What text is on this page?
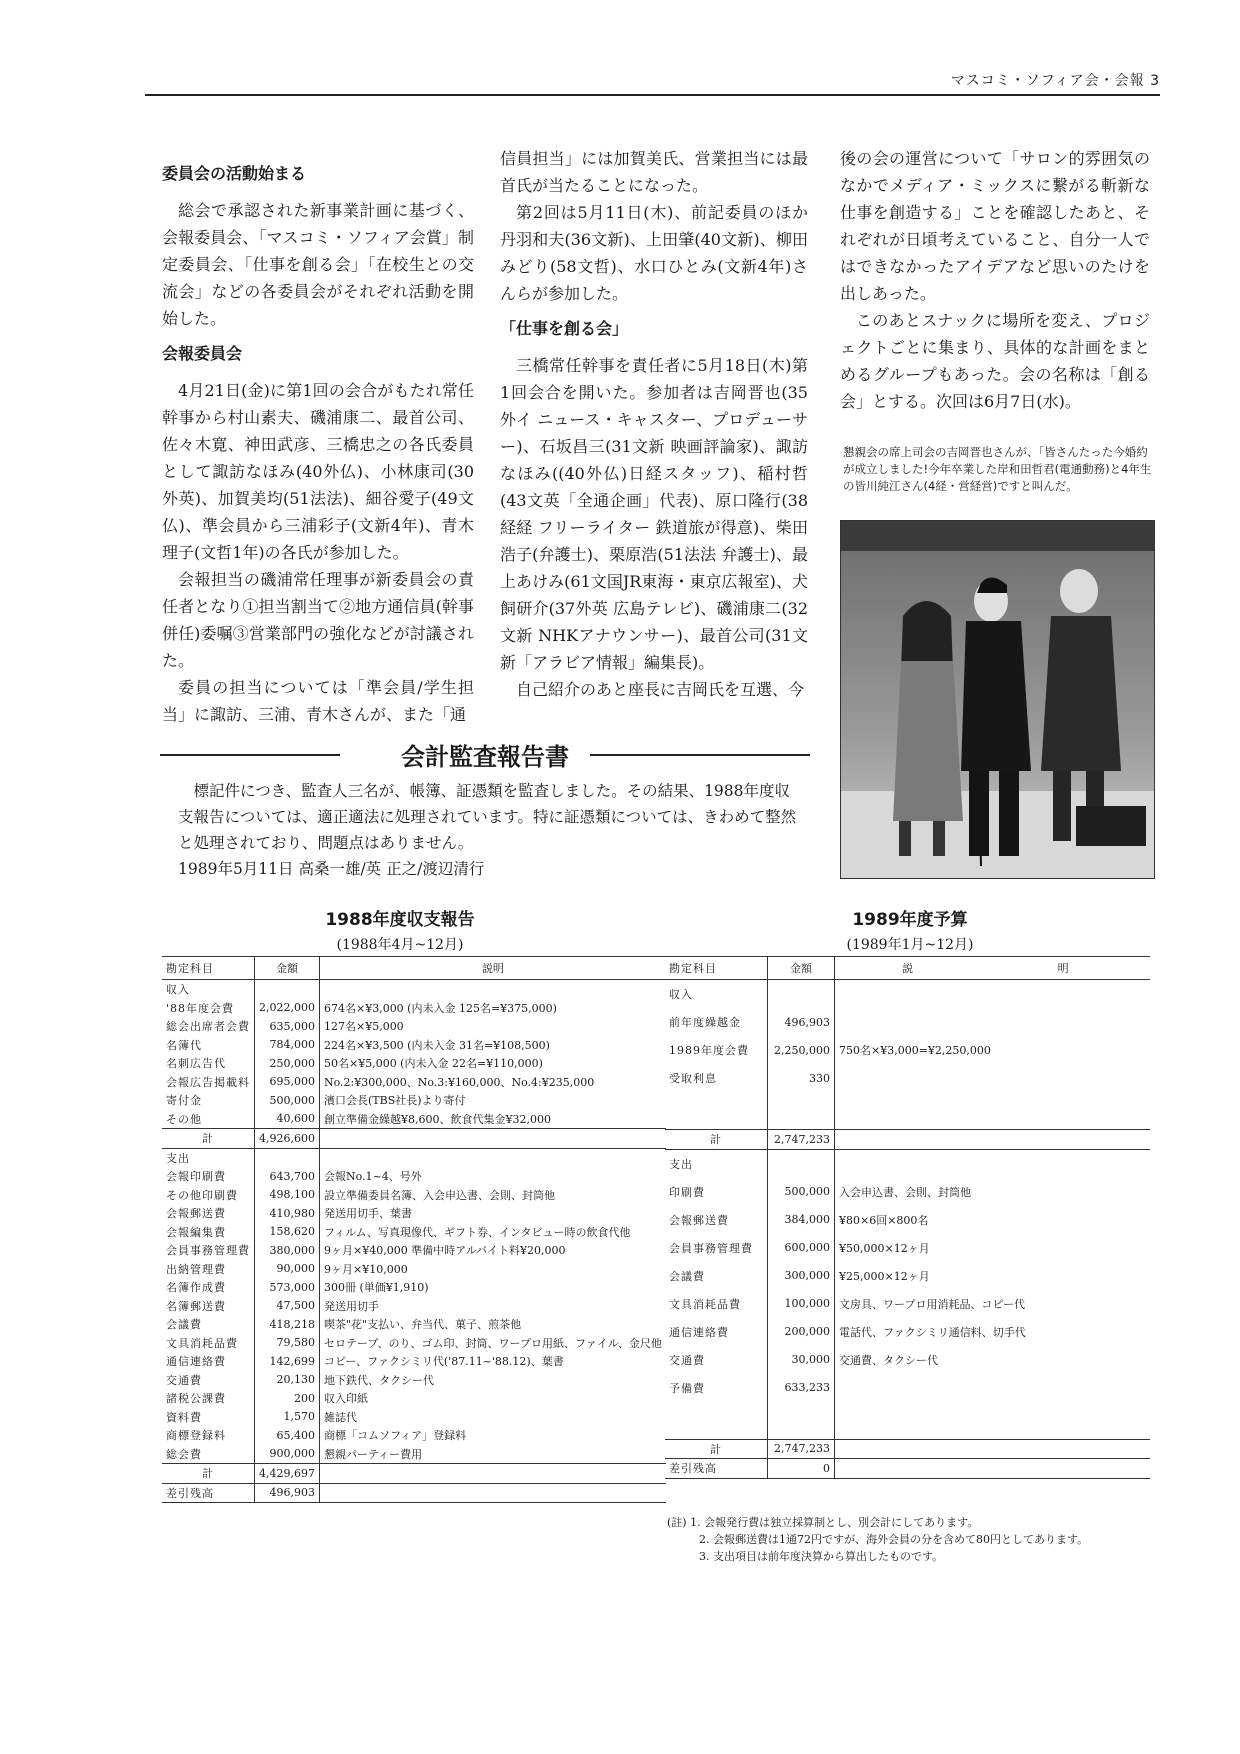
マスコミ・ソフィア会・会報 3
委員会の活動始まる

総会で承認された新事業計画に基づく、会報委員会、「マスコミ・ソフィア会賞」制定委員会、「仕事を創る会」「在校生との交流会」などの各委員会がそれぞれ活動を開始した。

会報委員会

4月21日(金)に第1回の会合がもたれ常任幹事から村山素夫、磯浦康二、最首公司、佐々木寛、神田武彦、三橋忠之の各氏委員として諏訪なほみ(40外仏)、小林康司(30外英)、加賀美均(51法法)、細谷愛子(49文仏)、準会員から三浦彩子(文新4年)、青木理子(文哲1年)の各氏が参加した。

会報担当の磯浦常任理事が新委員会の責任者となり①担当割当て②地方通信員(幹事併任)委嘱③営業部門の強化などが討議された。

委員の担当については「準会員/学生担当」に諏訪、三浦、青木さんが、また「通

信員担当」には加賀美氏、営業担当には最首氏が当たることになった。

第2回は5月11日(木)、前記委員のほか丹羽和夫(36文新)、上田肇(40文新)、柳田みどり(58文哲)、水口ひとみ(文新4年)さんらが参加した。

「仕事を創る会」

三橋常任幹事を責任者に5月18日(木)第1回会合を開いた。参加者は吉岡晋也(35外イ ニュース・キャスター、プロデューサー)、石坂昌三(31文新 映画評論家)、諏訪なほみ((40外仏)日経スタッフ)、稲村哲(43文英「全通企画」代表)、原口隆行(38経経 フリーライター 鉄道旅が得意)、柴田浩子(弁護士)、栗原浩(51法法 弁護士)、最上あけみ(61文国JR東海・東京広報室)、犬飼研介(37外英 広島テレビ)、磯浦康二(32文新 NHKアナウンサー)、最首公司(31文新「アラビア情報」編集長)。

自己紹介のあと座長に吉岡氏を互選、今

後の会の運営について「サロン的雰囲気のなかでメディア・ミックスに繋がる斬新な仕事を創造する」ことを確認したあと、それぞれが日頃考えていること、自分一人ではできなかったアイデアなど思いのたけを出しあった。

このあとスナックに場所を変え、プロジェクトごとに集まり、具体的な計画をまとめるグループもあった。会の名称は「創る会」とする。次回は6月7日(水)。

懇親会の席上司会の吉岡晋也さんが、「皆さんたった今婚約が成立しました!今年卒業した岸和田哲君(電通動務)と4年生の皆川純江さん(4経・営経営)ですと叫んだ。
会計監査報告書

標記件につき、監査人三名が、帳簿、証憑類を監査しました。その結果、1988年度収支報告については、適正適法に処理されています。特に証憑類については、きわめて整然と処理されており、問題点はありません。

1989年5月11日 高桑一雄/英 正之/渡辺清行

1988年度収支報告
(1988年4月~12月)
勘定科目	金額	説明
収入		
'88年度会費	2,022,000	674名×¥3,000 (内未入金 125名=¥375,000)
総会出席者会費	635,000	127名×¥5,000
名簿代	784,000	224名×¥3,500 (内未入金 31名=¥108,500)
名刺広告代	250,000	50名×¥5,000 (内未入金 22名=¥110,000)
会報広告掲載料	695,000	No.2:¥300,000、No.3:¥160,000、No.4:¥235,000
寄付金	500,000	濱口会長(TBS社長)より寄付
その他	40,600	創立準備金繰越¥8,600、飲食代集金¥32,000
計	4,926,600	
支出		
会報印刷費	643,700	会報No.1~4、号外
その他印刷費	498,100	設立準備委員名簿、入会申込書、会則、封筒他
会報郵送費	410,980	発送用切手、葉書
会報編集費	158,620	フィルム、写真現像代、ギフト券、インタビュー時の飲食代他
会員事務管理費	380,000	9ヶ月×¥40,000 準備中時アルバイト料¥20,000
出納管理費	90,000	9ヶ月×¥10,000
名簿作成費	573,000	300冊 (単価¥1,910)
名簿郵送費	47,500	発送用切手
会議費	418,218	喫茶"花"支払い、弁当代、菓子、煎茶他
文具消耗品費	79,580	セロテープ、のり、ゴム印、封筒、ワープロ用紙、ファイル、金尺他
通信連絡費	142,699	コピー、ファクシミリ代('87.11~'88.12)、葉書
交通費	20,130	地下鉄代、タクシー代
諸税公課費	200	収入印紙
資料費	1,570	雑誌代
商標登録料	65,400	商標「コムソフィア」登録料
総会費	900,000	懇親パーティー費用
計	4,429,697	
差引残高	496,903	
1989年度予算
(1989年1月~12月)
勘定科目	金額	説	明
収入			
前年度繰越金	496,903		
1989年度会費	2,250,000	750名×¥3,000=¥2,250,000	
受取利息	330		

計	2,747,233		
支出			
印刷費	500,000	入会申込書、会則、封筒他	
会報郵送費	384,000	¥80×6回×800名	
会員事務管理費	600,000	¥50,000×12ヶ月	
会議費	300,000	¥25,000×12ヶ月	
文具消耗品費	100,000	文房具、ワープロ用消耗品、コピー代	
通信連絡費	200,000	電話代、ファクシミリ通信料、切手代	
交通費	30,000	交通費、タクシー代	
予備費	633,233		

計	2,747,233		
差引残高	0		
(註) 1. 会報発行費は独立採算制とし、別会計にしてあります。
2. 会報郵送費は1通72円ですが、海外会員の分を含めて80円としてあります。
3. 支出項目は前年度決算から算出したものです。
